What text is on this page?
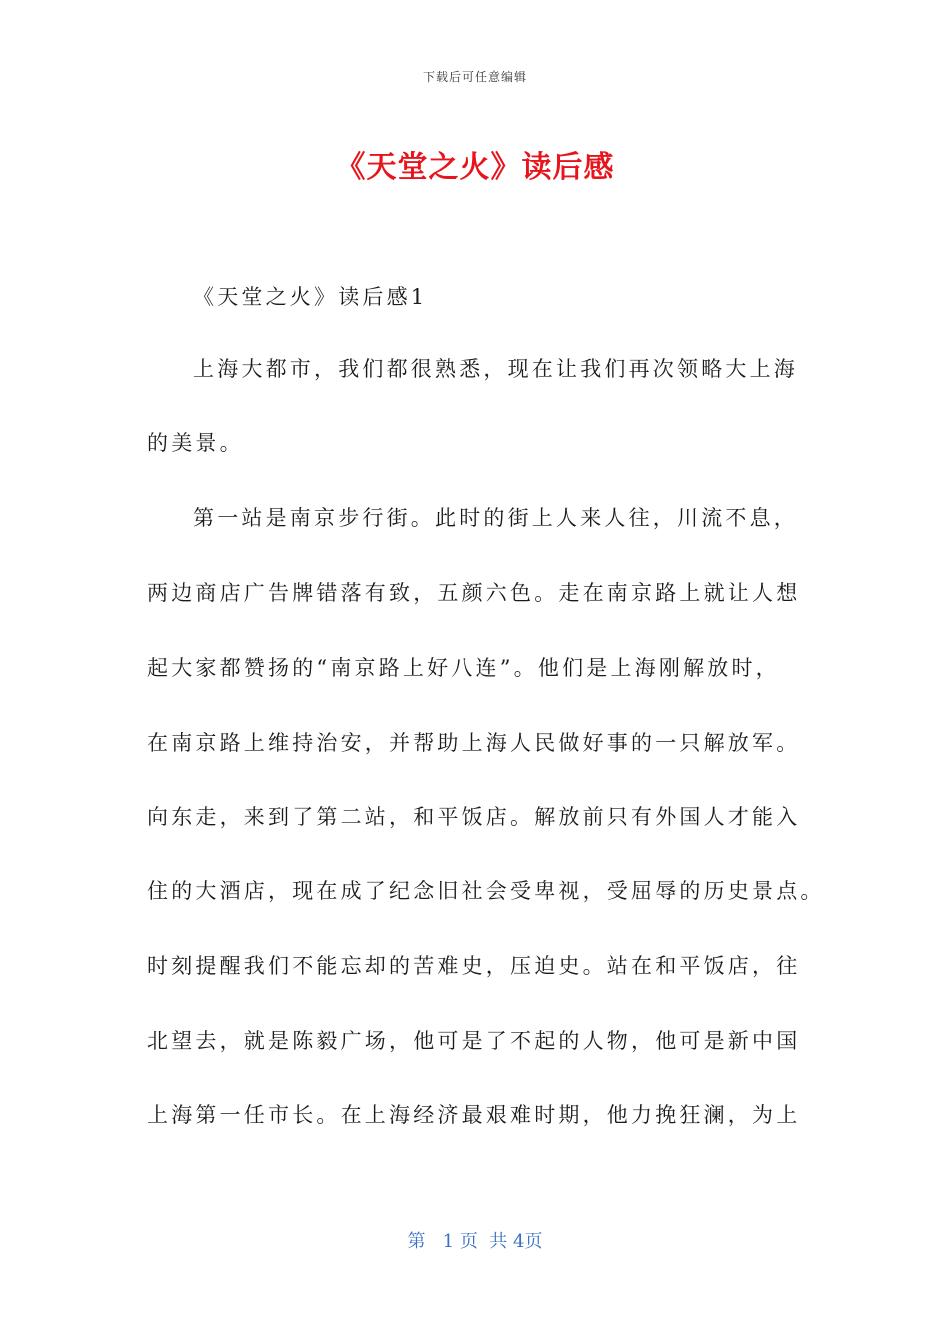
下载后可任意编辑
《天堂之火》读后感
《天堂之火》读后感1
上海大都市，我们都很熟悉，现在让我们再次领略大上海
的美景。
第一站是南京步行街。此时的街上人来人往，川流不息，
两边商店广告牌错落有致，五颜六色。走在南京路上就让人想
起大家都赞扬的“南京路上好八连”。他们是上海刚解放时，
在南京路上维持治安，并帮助上海人民做好事的一只解放军。
向东走，来到了第二站，和平饭店。解放前只有外国人才能入
住的大酒店，现在成了纪念旧社会受卑视，受屈辱的历史景点。
时刻提醒我们不能忘却的苦难史，压迫史。站在和平饭店，往
北望去，就是陈毅广场，他可是了不起的人物，他可是新中国
上海第一任市长。在上海经济最艰难时期，他力挽狂澜，为上
第   1 页  共 4页
